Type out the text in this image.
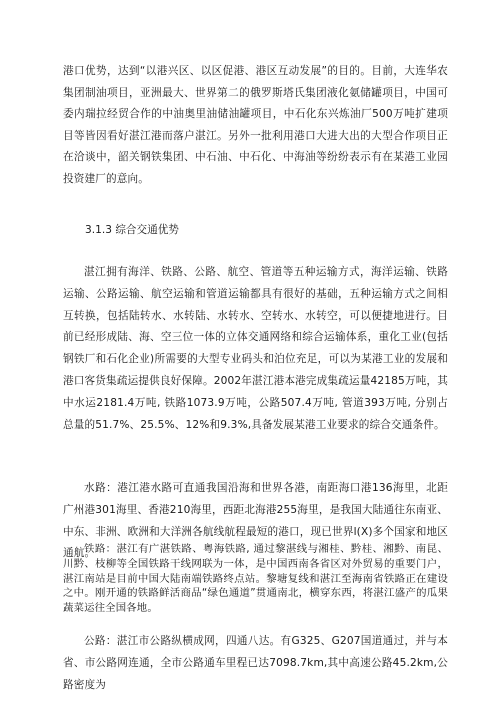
港口优势，达到“以港兴区、以区促港、港区互动发展”的目的。目前，大连华农集团制油项目，亚洲最大、世界第二的俄罗斯塔氏集团液化氨储罐项目，中国可委内瑞拉经贸合作的中油奥里油储油罐项目，中石化东兴炼油厂500万吨扩建项目等皆因看好湛江港而落户湛江。另外一批利用港口大进大出的大型合作项目正在洽谈中，韶关钢铁集团、中石油、中石化、中海油等纷纷表示有在某港工业园投资建厂的意向。

3.1.3 综合交通优势

湛江拥有海洋、铁路、公路、航空、管道等五种运输方式，海洋运输、铁路运输、公路运输、航空运输和管道运输都具有很好的基础，五种运输方式之间相互转换，包括陆转水、水转陆、水转水、空转水、水转空，可以便捷地进行。目前已经形成陆、海、空三位一体的立体交通网络和综合运输体系，重化工业(包括钢铁厂和石化企业)所需要的大型专业码头和泊位充足，可以为某港工业的发展和港口客货集疏运提供良好保障。2002年湛江港本港完成集疏运量42185万吨，其中水运2181.4万吨, 铁路1073.9万吨，公路507.4万吨, 管道393万吨, 分别占总量的51.7%、25.5%、12%和9.3%,具备发展某港工业要求的综合交通条件。

水路：港江港水路可直通我国沿海和世界各港，南距海口港136海里，北距广州港301海里、香港210海里，西距北海港255海里，是我国大陆通往东南亚、中东、非洲、欧洲和大洋洲各航线航程最短的港口，现已世界l(X)多个国家和地区通航。

铁路：湛江有广湛铁路、粤海铁路, 通过黎湛线与湘桂、黔桂、湘黔、南昆、川黔、枝柳等全国铁路干线网联为一体，是中国西南各省区对外贸易的重要门户，湛江南站是目前中国大陆南端铁路终点站。黎塘复线和湛江至海南省铁路正在建设之中。刚开通的铁路鲜活商品“绿色通道”贯通南北，横穿东西，将湛江盛产的瓜果蔬菜运往全国各地。

公路：湛江市公路纵横成网，四通八达。有G325、G207国道通过，并与本省、市公路网连通，全市公路通车里程已达7098.7km,其中高速公路45.2km,公路密度为
